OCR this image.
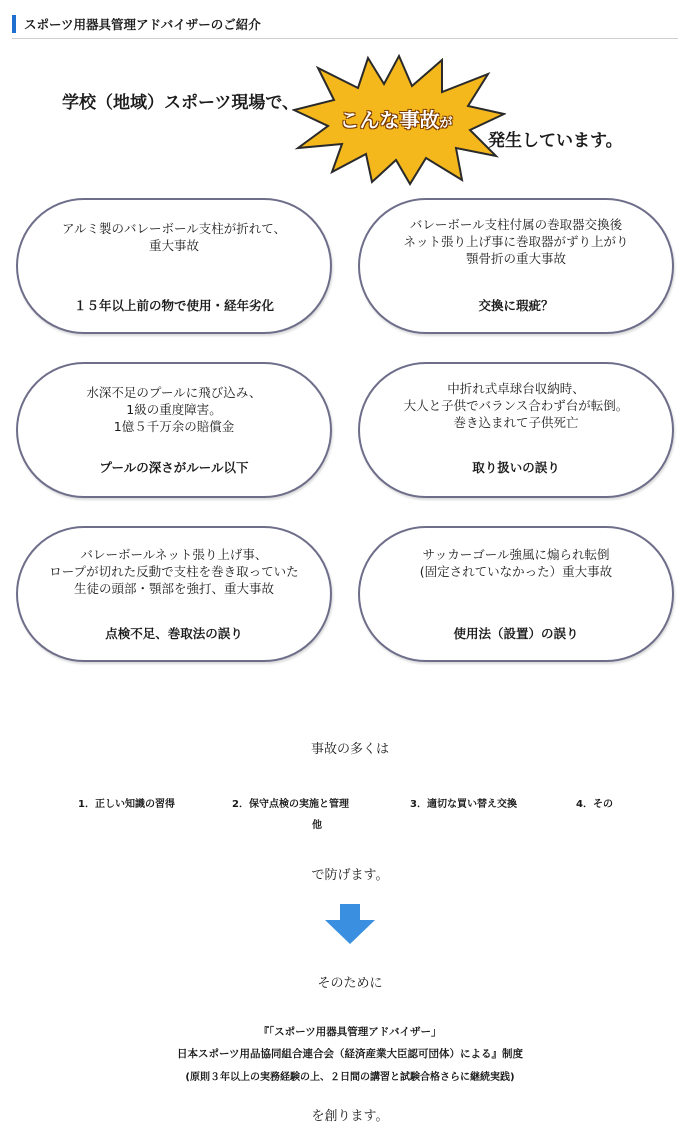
スポーツ用器具管理アドバイザーのご紹介
学校（地域）スポーツ現場で、
こんな事故が
発生しています。
アルミ製のバレーボール支柱が折れて、
重大事故
１５年以上前の物で使用・経年劣化
バレーボール支柱付属の巻取器交換後
ネット張り上げ事に巻取器がずり上がり
顎骨折の重大事故
交換に瑕疵？
水深不足のプールに飛び込み、
1級の重度障害。
1億５千万余の賠償金
プールの深さがルール以下
中折れ式卓球台収納時、
大人と子供でバランス合わず台が転倒。
巻き込まれて子供死亡
取り扱いの誤り
バレーボールネット張り上げ事、
ロープが切れた反動で支柱を巻き取っていた
生徒の頭部・顎部を強打、重大事故
点検不足、巻取法の誤り
サッカーゴール強風に煽られ転倒
(固定されていなかった）重大事故
使用法（設置）の誤り
事故の多くは
1．正しい知識の習得	2．保守点検の実施と管理	3．適切な買い替え交換	4．その
他
で防げます。
そのために
『「スポーツ用器具管理アドバイザー」
日本スポーツ用品協同組合連合会（経済産業大臣認可団体）による』制度
(原則３年以上の実務経験の上、２日間の講習と試験合格さらに継続実践)
を創ります。
